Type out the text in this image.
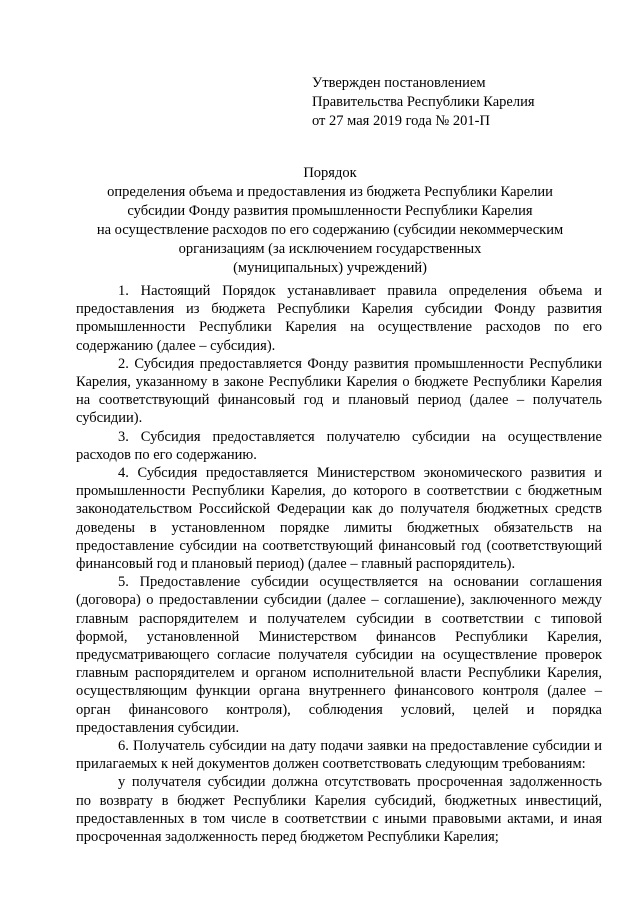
Утвержден постановлением
Правительства Республики Карелия
от 27 мая 2019 года № 201-П
Порядок
определения объема и предоставления из бюджета Республики Карелии
субсидии Фонду развития промышленности Республики Карелия
на осуществление расходов по его содержанию (субсидии некоммерческим
организациям (за исключением государственных
(муниципальных) учреждений)

1. Настоящий Порядок устанавливает правила определения объема и предоставления из бюджета Республики Карелия субсидии Фонду развития промышленности Республики Карелия на осуществление расходов по его содержанию (далее – субсидия).

2. Субсидия предоставляется Фонду развития промышленности Республики Карелия, указанному в законе Республики Карелия о бюджете Республики Карелия на соответствующий финансовый год и плановый период (далее – получатель субсидии).

3. Субсидия предоставляется получателю субсидии на осуществление расходов по его содержанию.

4. Субсидия предоставляется Министерством экономического развития и промышленности Республики Карелия, до которого в соответствии с бюджетным законодательством Российской Федерации как до получателя бюджетных средств доведены в установленном порядке лимиты бюджетных обязательств на предоставление субсидии на соответствующий финансовый год (соответствующий финансовый год и плановый период) (далее – главный распорядитель).

5. Предоставление субсидии осуществляется на основании соглашения (договора) о предоставлении субсидии (далее – соглашение), заключенного между главным распорядителем и получателем субсидии в соответствии с типовой формой, установленной Министерством финансов Республики Карелия, предусматривающего согласие получателя субсидии на осуществление проверок главным распорядителем и органом исполнительной власти Республики Карелия, осуществляющим функции органа внутреннего финансового контроля (далее – орган финансового контроля), соблюдения условий, целей и порядка предоставления субсидии.

6. Получатель субсидии на дату подачи заявки на предоставление субсидии и прилагаемых к ней документов должен соответствовать следующим требованиям:

у получателя субсидии должна отсутствовать просроченная задолженность по возврату в бюджет Республики Карелия субсидий, бюджетных инвестиций, предоставленных в том числе в соответствии с иными правовыми актами, и иная просроченная задолженность перед бюджетом Республики Карелия;
